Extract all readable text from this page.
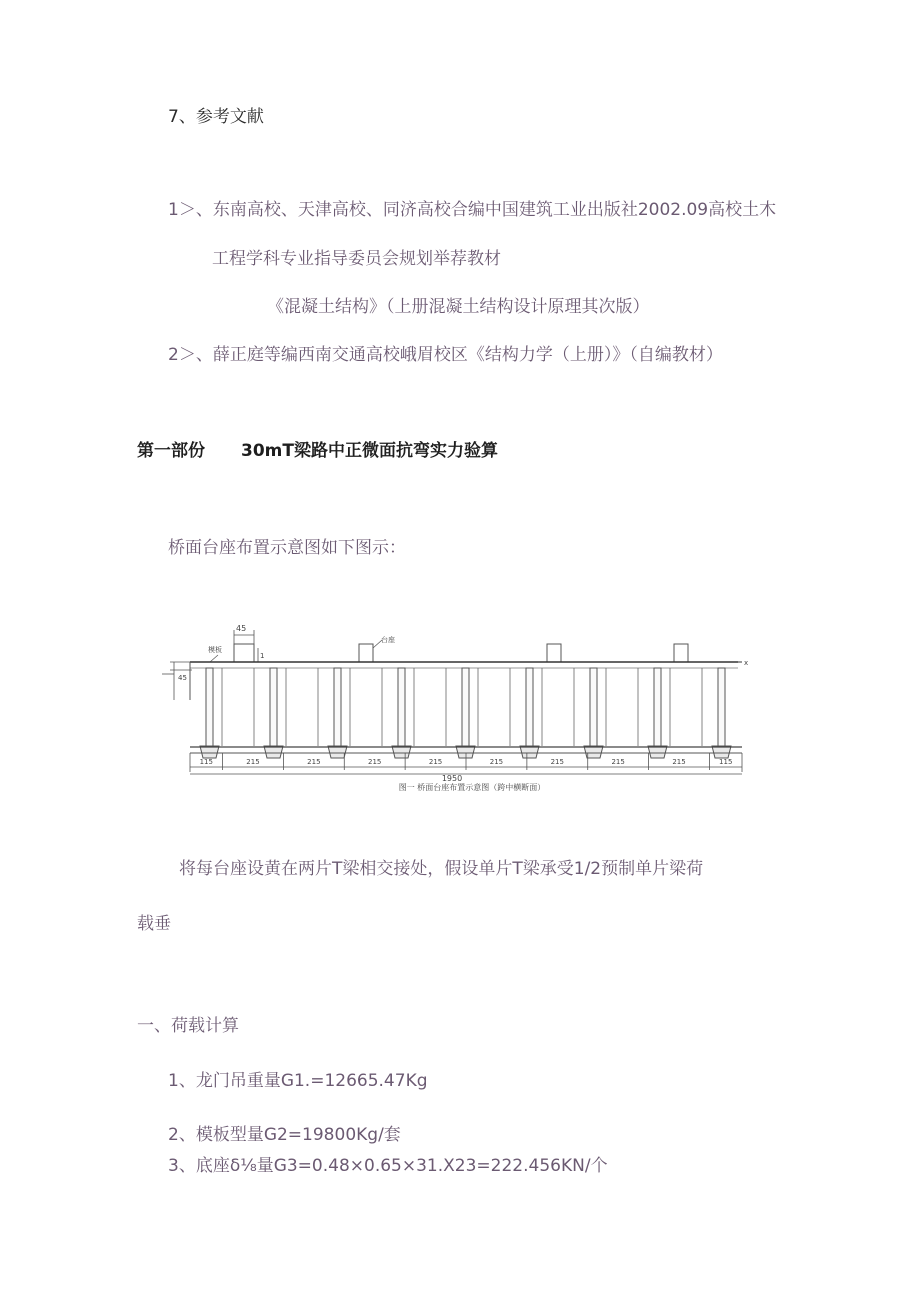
7、参考文献
1＞、东南高校、天津高校、同济高校合编中国建筑工业出版社2002.09高校土木
工程学科专业指导委员会规划举荐教材
《混凝土结构》（上册混凝土结构设计原理其次版）
2＞、薛正庭等编西南交通高校峨眉校区《结构力学（上册）》（自编教材）
第一部份 30mT梁路中正微面抗弯实力验算
桥面台座布置示意图如下图示：
45
1
台座
模板
45
x
115	215	215	215	215	215	215	215	215	115
1950
图一 桥面台座布置示意图（跨中横断面）
将每台座设黄在两片T梁相交接处，假设单片T梁承受1/2预制单片梁荷
载垂
一、荷载计算
1、龙门吊重量G1.=12665.47Kg
2、模板型量G2=19800Kg/套
3、底座δ⅛量G3=0.48×0.65×31.X23=222.456KN/个
